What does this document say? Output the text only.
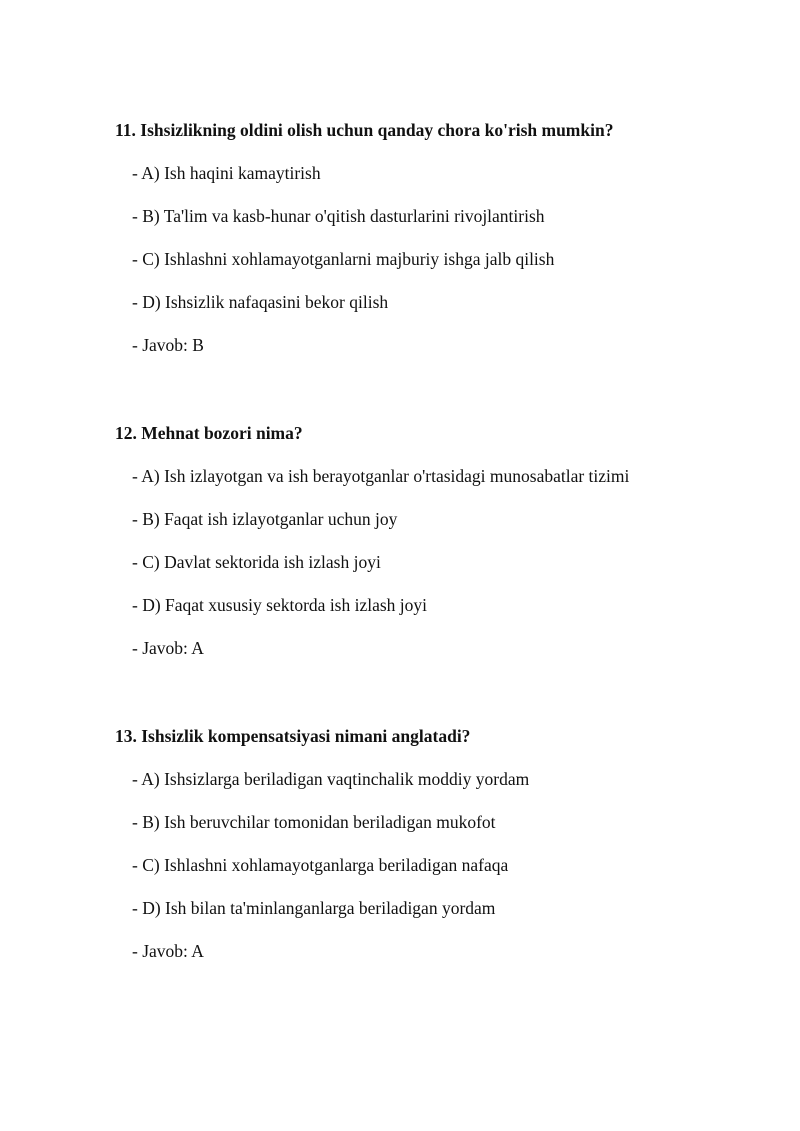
11. Ishsizlikning oldini olish uchun qanday chora ko'rish mumkin?
- A) Ish haqini kamaytirish
- B) Ta'lim va kasb-hunar o'qitish dasturlarini rivojlantirish
- C) Ishlashni xohlamayotganlarni majburiy ishga jalb qilish
- D) Ishsizlik nafaqasini bekor qilish
- Javob: B
12. Mehnat bozori nima?
- A) Ish izlayotgan va ish berayotganlar o'rtasidagi munosabatlar tizimi
- B) Faqat ish izlayotganlar uchun joy
- C) Davlat sektorida ish izlash joyi
- D) Faqat xususiy sektorda ish izlash joyi
- Javob: A
13. Ishsizlik kompensatsiyasi nimani anglatadi?
- A) Ishsizlarga beriladigan vaqtinchalik moddiy yordam
- B) Ish beruvchilar tomonidan beriladigan mukofot
- C) Ishlashni xohlamayotganlarga beriladigan nafaqa
- D) Ish bilan ta'minlanganlarga beriladigan yordam
- Javob: A
